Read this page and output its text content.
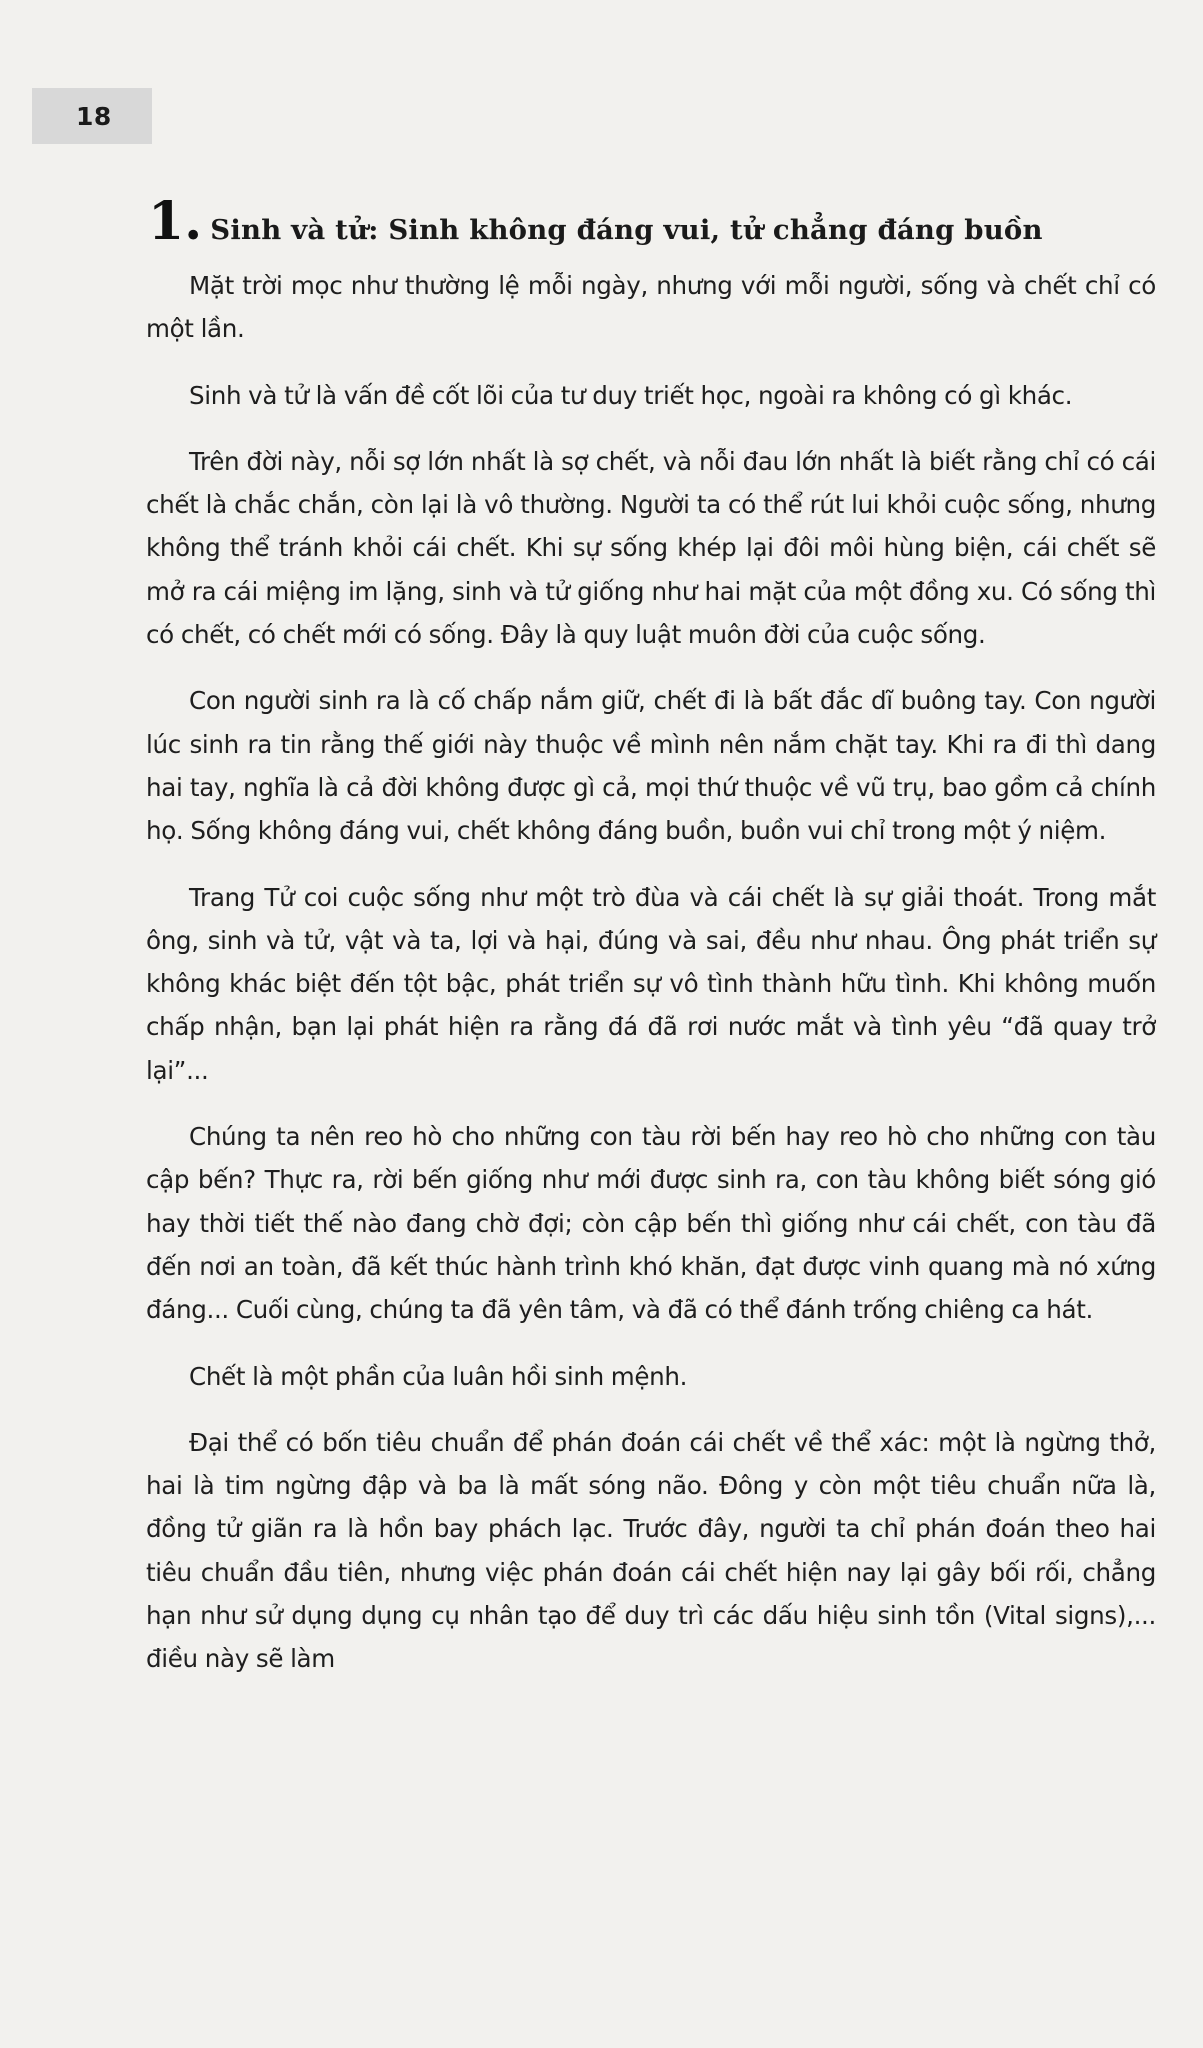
18
1. Sinh và tử: Sinh không đáng vui, tử chẳng đáng buồn

Mặt trời mọc như thường lệ mỗi ngày, nhưng với mỗi người, sống và chết chỉ có một lần.

Sinh và tử là vấn đề cốt lõi của tư duy triết học, ngoài ra không có gì khác.

Trên đời này, nỗi sợ lớn nhất là sợ chết, và nỗi đau lớn nhất là biết rằng chỉ có cái chết là chắc chắn, còn lại là vô thường. Người ta có thể rút lui khỏi cuộc sống, nhưng không thể tránh khỏi cái chết. Khi sự sống khép lại đôi môi hùng biện, cái chết sẽ mở ra cái miệng im lặng, sinh và tử giống như hai mặt của một đồng xu. Có sống thì có chết, có chết mới có sống. Đây là quy luật muôn đời của cuộc sống.

Con người sinh ra là cố chấp nắm giữ, chết đi là bất đắc dĩ buông tay. Con người lúc sinh ra tin rằng thế giới này thuộc về mình nên nắm chặt tay. Khi ra đi thì dang hai tay, nghĩa là cả đời không được gì cả, mọi thứ thuộc về vũ trụ, bao gồm cả chính họ. Sống không đáng vui, chết không đáng buồn, buồn vui chỉ trong một ý niệm.

Trang Tử coi cuộc sống như một trò đùa và cái chết là sự giải thoát. Trong mắt ông, sinh và tử, vật và ta, lợi và hại, đúng và sai, đều như nhau. Ông phát triển sự không khác biệt đến tột bậc, phát triển sự vô tình thành hữu tình. Khi không muốn chấp nhận, bạn lại phát hiện ra rằng đá đã rơi nước mắt và tình yêu “đã quay trở lại”...

Chúng ta nên reo hò cho những con tàu rời bến hay reo hò cho những con tàu cập bến? Thực ra, rời bến giống như mới được sinh ra, con tàu không biết sóng gió hay thời tiết thế nào đang chờ đợi; còn cập bến thì giống như cái chết, con tàu đã đến nơi an toàn, đã kết thúc hành trình khó khăn, đạt được vinh quang mà nó xứng đáng... Cuối cùng, chúng ta đã yên tâm, và đã có thể đánh trống chiêng ca hát.

Chết là một phần của luân hồi sinh mệnh.

Đại thể có bốn tiêu chuẩn để phán đoán cái chết về thể xác: một là ngừng thở, hai là tim ngừng đập và ba là mất sóng não. Đông y còn một tiêu chuẩn nữa là, đồng tử giãn ra là hồn bay phách lạc. Trước đây, người ta chỉ phán đoán theo hai tiêu chuẩn đầu tiên, nhưng việc phán đoán cái chết hiện nay lại gây bối rối, chẳng hạn như sử dụng dụng cụ nhân tạo để duy trì các dấu hiệu sinh tồn (Vital signs),... điều này sẽ làm
